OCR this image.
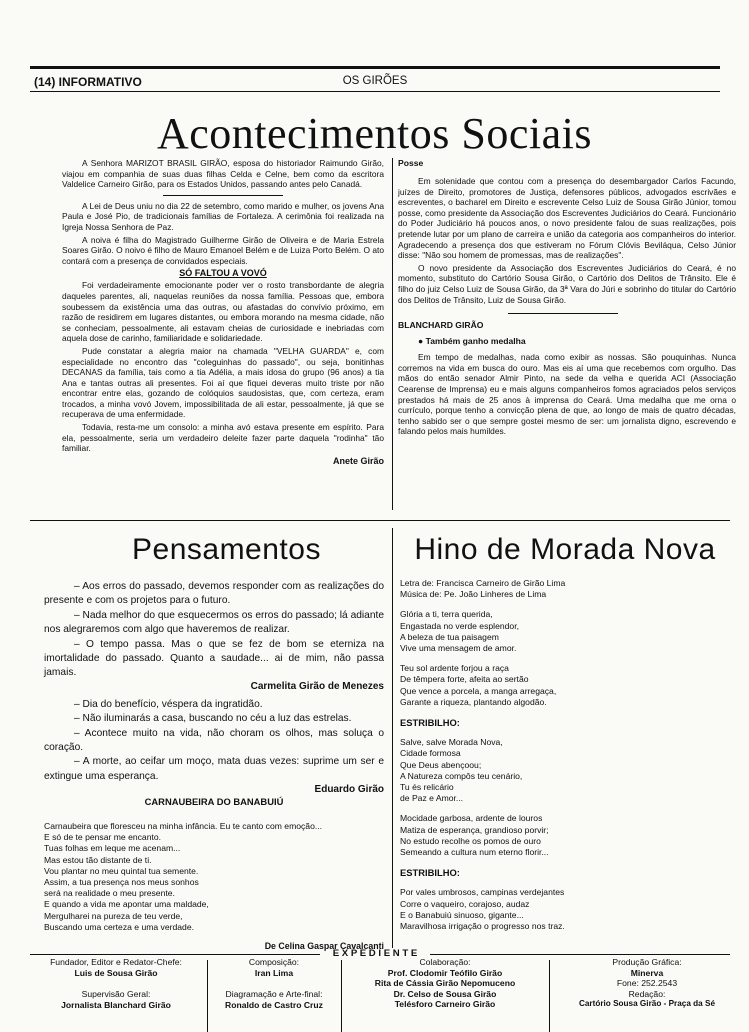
(14) INFORMATIVO	OS GIRÕES
Acontecimentos Sociais

A Senhora MARIZOT BRASIL GIRÃO, esposa do historiador Raimundo Girão, viajou em companhia de suas duas filhas Celda e Celne, bem como da escritora Valdelice Carneiro Girão, para os Estados Unidos, passando antes pelo Canadá.

A Lei de Deus uniu no dia 22 de setembro, como marido e mulher, os jovens Ana Paula e José Pio, de tradicionais famílias de Fortaleza. A cerimônia foi realizada na Igreja Nossa Senhora de Paz.

A noiva é filha do Magistrado Guilherme Girão de Oliveira e de Maria Estrela Soares Girão. O noivo é filho de Mauro Emanoel Belém e de Luiza Porto Belém. O ato contará com a presença de convidados especiais.

SÓ FALTOU A VOVÓ

Foi verdadeiramente emocionante poder ver o rosto transbordante de alegria daqueles parentes, ali, naquelas reuniões da nossa família. Pessoas que, embora soubessem da existência uma das outras, ou afastadas do convívio próximo, em razão de residirem em lugares distantes, ou embora morando na mesma cidade, não se conheciam, pessoalmente, ali estavam cheias de curiosidade e inebriadas com aquela dose de carinho, familiaridade e solidariedade.

Pude constatar a alegria maior na chamada "VELHA GUARDA" e, com especialidade no encontro das "coleguinhas do passado", ou seja, bonitinhas DECANAS da família, tais como a tia Adélia, a mais idosa do grupo (96 anos) a tia Ana e tantas outras ali presentes. Foi aí que fiquei deveras muito triste por não encontrar entre elas, gozando de colóquios saudosistas, que, com certeza, eram trocados, a minha vovó Jovem, impossibilitada de ali estar, pessoalmente, já que se recuperava de uma enfermidade.

Todavia, resta-me um consolo: a minha avó estava presente em espírito. Para ela, pessoalmente, seria um verdadeiro deleite fazer parte daquela "rodinha" tão familiar.

Anete Girão

Posse

Em solenidade que contou com a presença do desembargador Carlos Facundo, juízes de Direito, promotores de Justiça, defensores públicos, advogados escrivães e escreventes, o bacharel em Direito e escrevente Celso Luiz de Sousa Girão Júnior, tomou posse, como presidente da Associação dos Escreventes Judiciários do Ceará. Funcionário do Poder Judiciário há poucos anos, o novo presidente falou de suas realizações, pois pretende lutar por um plano de carreira e união da categoria aos companheiros do interior. Agradecendo a presença dos que estiveram no Fórum Clóvis Beviláqua, Celso Júnior disse: "Não sou homem de promessas, mas de realizações".

O novo presidente da Associação dos Escreventes Judiciários do Ceará, é no momento, substituto do Cartório Sousa Girão, o Cartório dos Delitos de Trânsito. Ele é filho do juiz Celso Luiz de Sousa Girão, da 3ª Vara do Júri e sobrinho do titular do Cartório dos Delitos de Trânsito, Luiz de Sousa Girão.

BLANCHARD GIRÃO

● Também ganho medalha

Em tempo de medalhas, nada como exibir as nossas. São pouquinhas. Nunca corremos na vida em busca do ouro. Mas eis aí uma que recebemos com orgulho. Das mãos do então senador Almir Pinto, na sede da velha e querida ACI (Associação Cearense de Imprensa) eu e mais alguns companheiros fomos agraciados pelos serviços prestados há mais de 25 anos à imprensa do Ceará. Uma medalha que me orna o currículo, porque tenho a convicção plena de que, ao longo de mais de quatro décadas, tenho sabido ser o que sempre gostei mesmo de ser: um jornalista digno, escrevendo e falando pelos mais humildes.

Pensamentos

– Aos erros do passado, devemos responder com as realizações do presente e com os projetos para o futuro.

– Nada melhor do que esquecermos os erros do passado; lá adiante nos alegraremos com algo que haveremos de realizar.

– O tempo passa. Mas o que se fez de bom se eterniza na imortalidade do passado. Quanto a saudade... ai de mim, não passa jamais.

Carmelita Girão de Menezes

– Dia do benefício, véspera da ingratidão.

– Não iluminarás a casa, buscando no céu a luz das estrelas.

– Acontece muito na vida, não choram os olhos, mas soluça o coração.

– A morte, ao ceifar um moço, mata duas vezes: suprime um ser e extingue uma esperança.

Eduardo Girão
CARNAUBEIRA DO BANABUIÚ

Carnaubeira que floresceu na minha infância. Eu te canto com emoção...

E só de te pensar me encanto.

Tuas folhas em leque me acenam...

Mas estou tão distante de ti.

Vou plantar no meu quintal tua semente.

Assim, a tua presença nos meus sonhos

será na realidade o meu presente.

E quando a vida me apontar uma maldade,

Mergulharei na pureza de teu verde,

Buscando uma certeza e uma verdade.

De Celina Gaspar Cavalcanti
Hino de Morada Nova

Letra de: Francisca Carneiro de Girão Lima

Música de: Pe. João Linheres de Lima

Glória a ti, terra querida,

Engastada no verde esplendor,

A beleza de tua paisagem

Vive uma mensagem de amor.

Teu sol ardente forjou a raça

De têmpera forte, afeita ao sertão

Que vence a porcela, a manga arregaça,

Garante a riqueza, plantando algodão.

ESTRIBILHO:

Salve, salve Morada Nova,

Cidade formosa

Que Deus abençoou;

A Natureza compôs teu cenário,

Tu és relicário

de Paz e Amor...

Mocidade garbosa, ardente de louros

Matiza de esperança, grandioso porvir;

No estudo recolhe os pomos de ouro

Semeando a cultura num eterno florir...

ESTRIBILHO:

Por vales umbrosos, campinas verdejantes

Corre o vaqueiro, corajoso, audaz

E o Banabuiú sinuoso, gigante...

Maravilhosa irrigação o progresso nos traz.

E X P E D I E N T E
Fundador, Editor e Redator-Chefe:
Luis de Sousa Girão
Supervisão Geral:
Jornalista Blanchard Girão
Composição:
Iran Lima
Diagramação e Arte-final:
Ronaldo de Castro Cruz
Colaboração:
Prof. Clodomir Teófilo Girão
Rita de Cássia Girão Nepomuceno
Dr. Celso de Sousa Girão
Telésforo Carneiro Girão
Produção Gráfica:
Minerva
Fone: 252.2543
Redação:
Cartório Sousa Girão - Praça da Sé
